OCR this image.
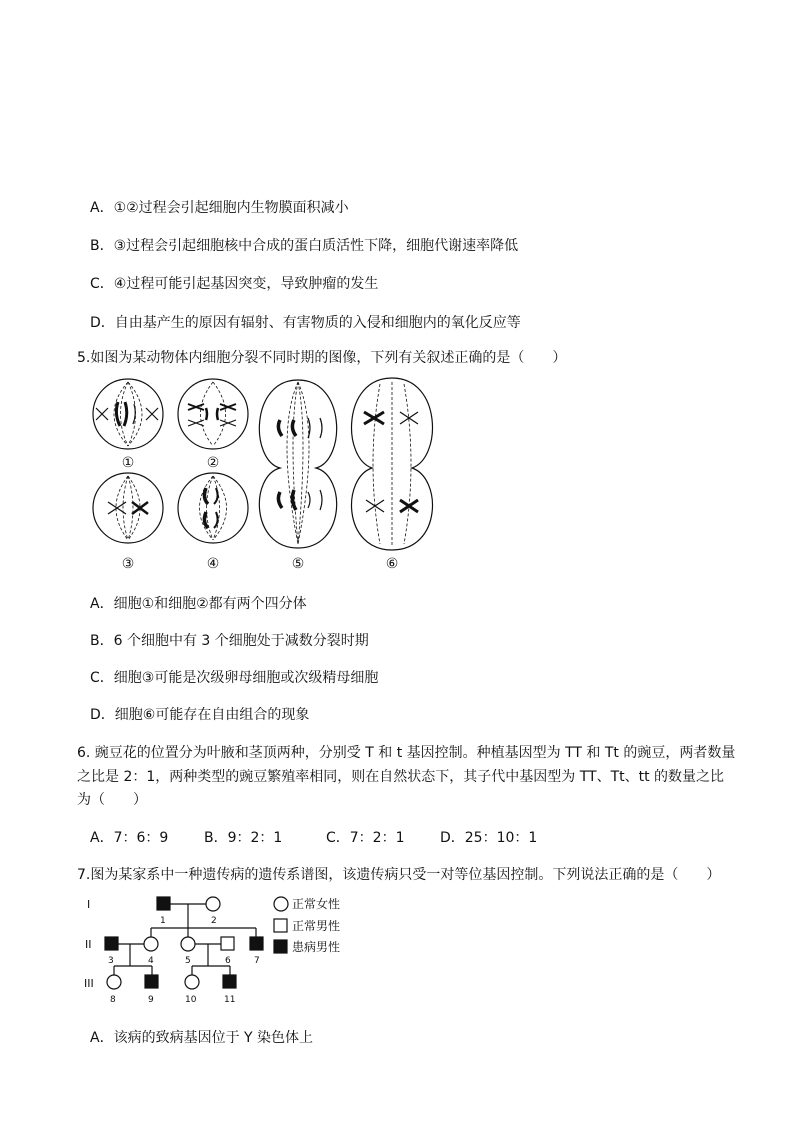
A．①②过程会引起细胞内生物膜面积减小
B．③过程会引起细胞核中合成的蛋白质活性下降，细胞代谢速率降低
C．④过程可能引起基因突变，导致肿瘤的发生
D．自由基产生的原因有辐射、有害物质的入侵和细胞内的氧化反应等
5.如图为某动物体内细胞分裂不同时期的图像，下列有关叙述正确的是（　　）
①	②
③	④	⑤	⑥
A．细胞①和细胞②都有两个四分体
B．6 个细胞中有 3 个细胞处于减数分裂时期
C．细胞③可能是次级卵母细胞或次级精母细胞
D．细胞⑥可能存在自由组合的现象
6. 豌豆花的位置分为叶腋和茎顶两种，分别受 T 和 t 基因控制。种植基因型为 TT 和 Tt 的豌豆，两者数量
之比是 2：1，两种类型的豌豆繁殖率相同，则在自然状态下，其子代中基因型为 TT、Tt、tt 的数量之比
为（　　）
A．7：6：9	B．9：2：1	C．7：2：1	D．25：10：1
7.图为某家系中一种遗传病的遗传系谱图，该遗传病只受一对等位基因控制。下列说法正确的是（　　）
I
II
III
1	2
3	4	5	6	7
8	9	10	11
正常女性
正常男性
患病男性
A．该病的致病基因位于 Y 染色体上
